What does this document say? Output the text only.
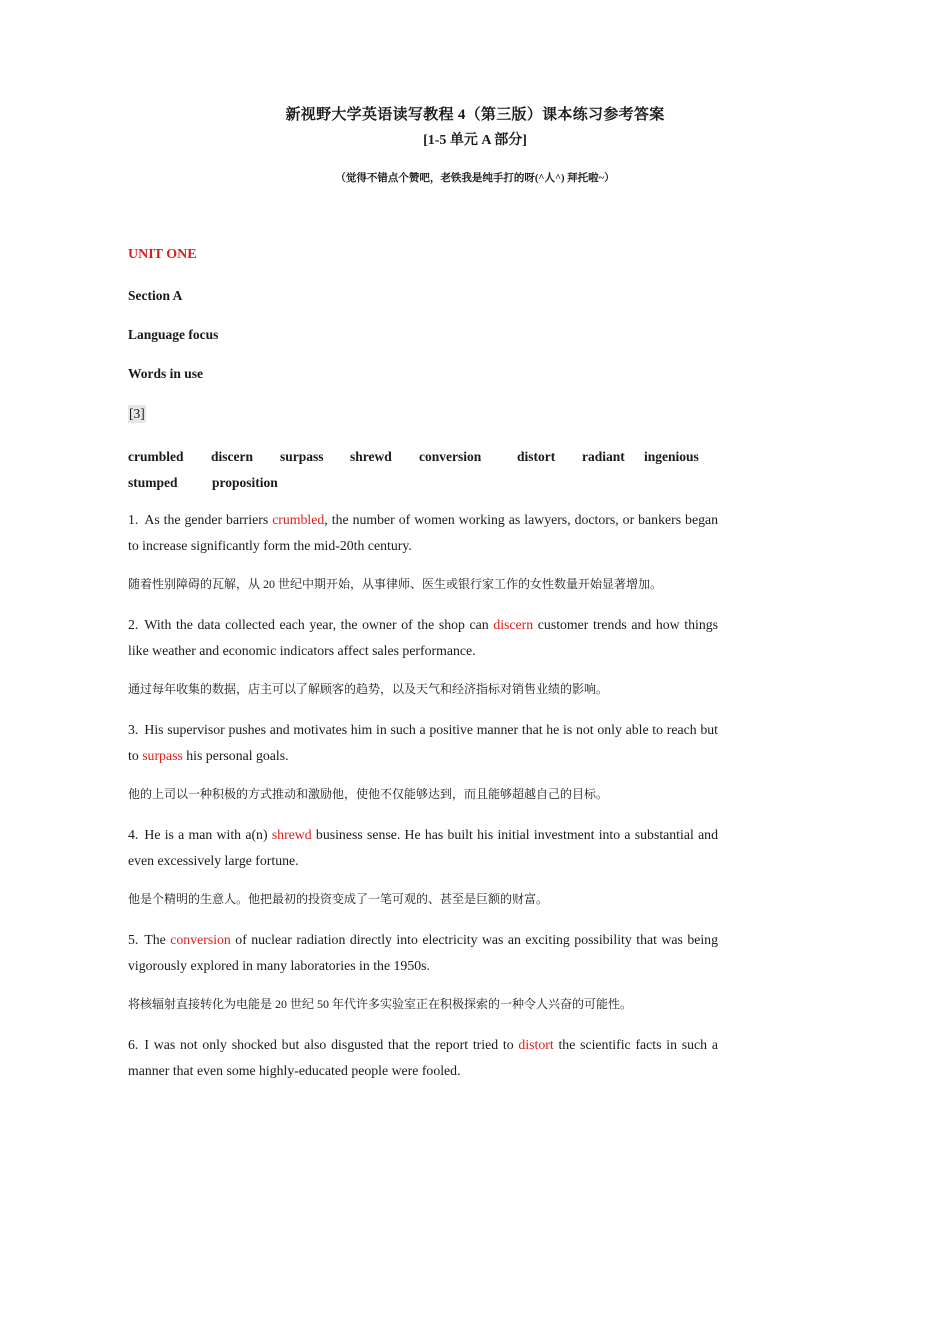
新视野大学英语读写教程 4（第三版）课本练习参考答案
[1-5 单元 A 部分]
（觉得不错点个赞吧，老铁我是纯手打的呀(^人^) 拜托啦~）
UNIT ONE
Section A
Language focus
Words in use
[3]
crumbled	discern	surpass	shrewd	conversion	distort	radiant	ingenious
stumped	proposition
1. As the gender barriers crumbled, the number of women working as lawyers, doctors, or bankers began to increase significantly form the mid-20th century.
随着性别障碍的瓦解，从 20 世纪中期开始，从事律师、医生或银行家工作的女性数量开始显著增加。
2. With the data collected each year, the owner of the shop can discern customer trends and how things like weather and economic indicators affect sales performance.
通过每年收集的数据，店主可以了解顾客的趋势，以及天气和经济指标对销售业绩的影响。
3. His supervisor pushes and motivates him in such a positive manner that he is not only able to reach but to surpass his personal goals.
他的上司以一种积极的方式推动和激励他，使他不仅能够达到，而且能够超越自己的目标。
4. He is a man with a(n) shrewd business sense. He has built his initial investment into a substantial and even excessively large fortune.
他是个精明的生意人。他把最初的投资变成了一笔可观的、甚至是巨额的财富。
5. The conversion of nuclear radiation directly into electricity was an exciting possibility that was being vigorously explored in many laboratories in the 1950s.
将核辐射直接转化为电能是 20 世纪 50 年代许多实验室正在积极探索的一种令人兴奋的可能性。
6. I was not only shocked but also disgusted that the report tried to distort the scientific facts in such a manner that even some highly-educated people were fooled.
